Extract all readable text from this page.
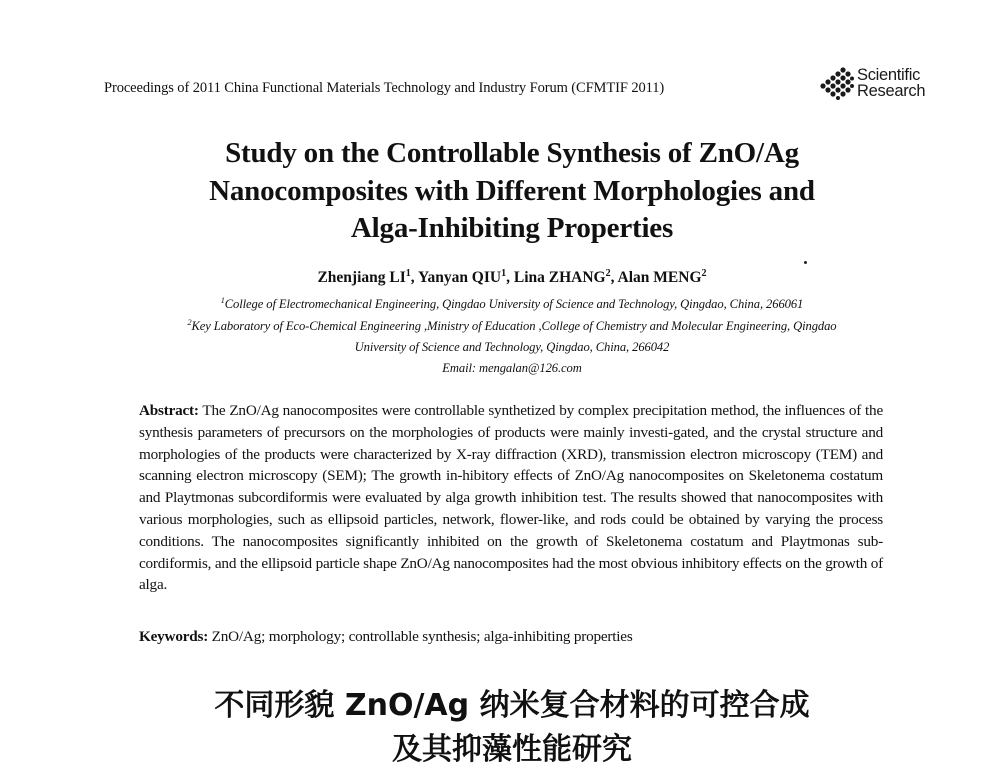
Proceedings of 2011 China Functional Materials Technology and Industry Forum (CFMTIF 2011)
Scientific
Research
Study on the Controllable Synthesis of ZnO/Ag
Nanocomposites with Different Morphologies and
Alga-Inhibiting Properties
Zhenjiang $LI^1$, Yanyan QIU$^1$, Lina ZHANG$^2$, Alan MENG$^2$
$^1$College of Electromechanical Engineering, Qingdao University of Science and Technology, Qingdao, China, 266061
$^2$Key Laboratory of Eco-Chemical Engineering ,Ministry of Education ,College of Chemistry and Molecular Engineering, Qingdao
University of Science and Technology, Qingdao, China, 266042
Email: mengalan@126.com
Abstract: The ZnO/Ag nanocomposites were controllable synthetized by complex precipitation method, the influences of the synthesis parameters of precursors on the morphologies of products were mainly investi-gated, and the crystal structure and morphologies of the products were characterized by X-ray diffraction (XRD), transmission electron microscopy (TEM) and scanning electron microscopy (SEM); The growth in-hibitory effects of ZnO/Ag nanocomposites on Skeletonema costatum and Playtmonas subcordiformis were evaluated by alga growth inhibition test. The results showed that nanocomposites with various morphologies, such as ellipsoid particles, network, flower-like, and rods could be obtained by varying the process conditions. The nanocomposites significantly inhibited on the growth of Skeletonema costatum and Playtmonas sub-cordiformis, and the ellipsoid particle shape ZnO/Ag nanocomposites had the most obvious inhibitory effects on the growth of alga.
Keywords: ZnO/Ag; morphology; controllable synthesis; alga-inhibiting properties
不同形貌 ZnO/Ag 纳米复合材料的可控合成
及其抑藻性能研究
